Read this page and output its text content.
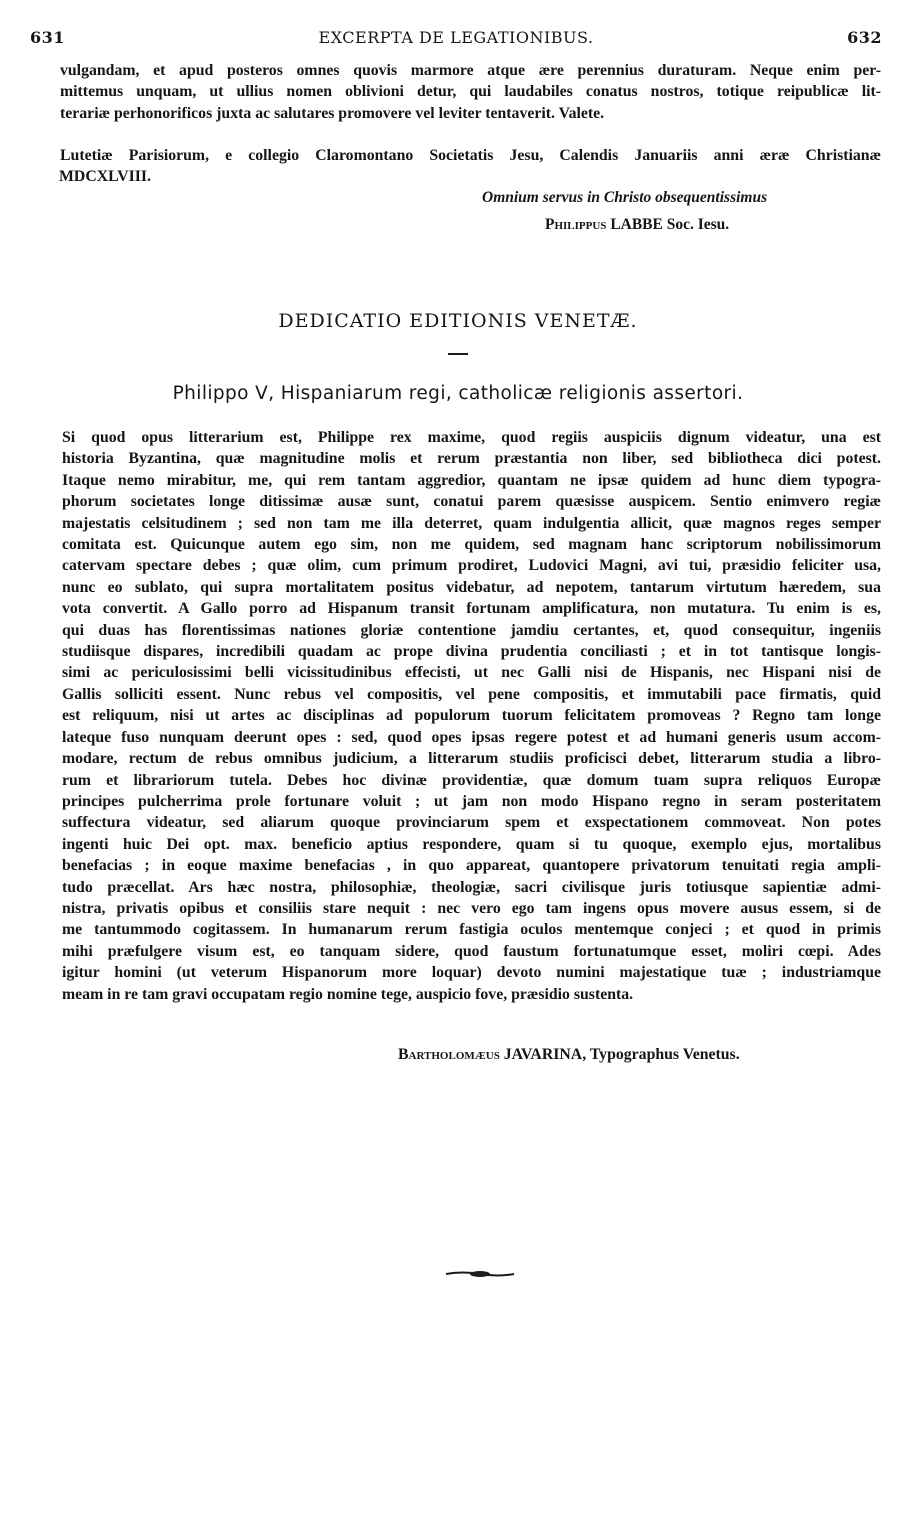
631	EXCERPTA DE LEGATIONIBUS.	632
vulgandam, et apud posteros omnes quovis marmore atque ære perennius duraturam. Neque enim per-
mittemus unquam, ut ullius nomen oblivioni detur, qui laudabiles conatus nostros, totique reipublicæ lit-
terariæ perhonorificos juxta ac salutares promovere vel leviter tentaverit. Valete.
Lutetiæ Parisiorum, e collegio Claromontano Societatis Jesu, Calendis Januariis anni æræ Christianæ
MDCXLVIII.
Omnium servus in Christo obsequentissimus
Philippus LABBE Soc. Iesu.
DEDICATIO EDITIONIS VENETÆ.
Philippo V, Hispaniarum regi, catholicæ religionis assertori.
Si quod opus litterarium est, Philippe rex maxime, quod regiis auspiciis dignum videatur, una est
historia Byzantina, quæ magnitudine molis et rerum præstantia non liber, sed bibliotheca dici potest.
Itaque nemo mirabitur, me, qui rem tantam aggredior, quantam ne ipsæ quidem ad hunc diem typogra-
phorum societates longe ditissimæ ausæ sunt, conatui parem quæsisse auspicem. Sentio enimvero regiæ
majestatis celsitudinem ; sed non tam me illa deterret, quam indulgentia allicit, quæ magnos reges semper
comitata est. Quicunque autem ego sim, non me quidem, sed magnam hanc scriptorum nobilissimorum
catervam spectare debes ; quæ olim, cum primum prodiret, Ludovici Magni, avi tui, præsidio feliciter usa,
nunc eo sublato, qui supra mortalitatem positus videbatur, ad nepotem, tantarum virtutum hæredem, sua
vota convertit. A Gallo porro ad Hispanum transit fortunam amplificatura, non mutatura. Tu enim is es,
qui duas has florentissimas nationes gloriæ contentione jamdiu certantes, et, quod consequitur, ingeniis
studiisque dispares, incredibili quadam ac prope divina prudentia conciliasti ; et in tot tantisque longis-
simi ac periculosissimi belli vicissitudinibus effecisti, ut nec Galli nisi de Hispanis, nec Hispani nisi de
Gallis solliciti essent. Nunc rebus vel compositis, vel pene compositis, et immutabili pace firmatis, quid
est reliquum, nisi ut artes ac disciplinas ad populorum tuorum felicitatem promoveas ? Regno tam longe
lateque fuso nunquam deerunt opes : sed, quod opes ipsas regere potest et ad humani generis usum accom-
modare, rectum de rebus omnibus judicium, a litterarum studiis proficisci debet, litterarum studia a libro-
rum et librariorum tutela. Debes hoc divinæ providentiæ, quæ domum tuam supra reliquos Europæ
principes pulcherrima prole fortunare voluit ; ut jam non modo Hispano regno in seram posteritatem
suffectura videatur, sed aliarum quoque provinciarum spem et exspectationem commoveat. Non potes
ingenti huic Dei opt. max. beneficio aptius respondere, quam si tu quoque, exemplo ejus, mortalibus
benefacias ; in eoque maxime benefacias , in quo appareat, quantopere privatorum tenuitati regia ampli-
tudo præcellat. Ars hæc nostra, philosophiæ, theologiæ, sacri civilisque juris totiusque sapientiæ admi-
nistra, privatis opibus et consiliis stare nequit : nec vero ego tam ingens opus movere ausus essem, si de
me tantummodo cogitassem. In humanarum rerum fastigia oculos mentemque conjeci ; et quod in primis
mihi præfulgere visum est, eo tanquam sidere, quod faustum fortunatumque esset, moliri cœpi. Ades
igitur homini (ut veterum Hispanorum more loquar) devoto numini majestatique tuæ ; industriamque
meam in re tam gravi occupatam regio nomine tege, auspicio fove, præsidio sustenta.
Bartholomæus JAVARINA, Typographus Venetus.
